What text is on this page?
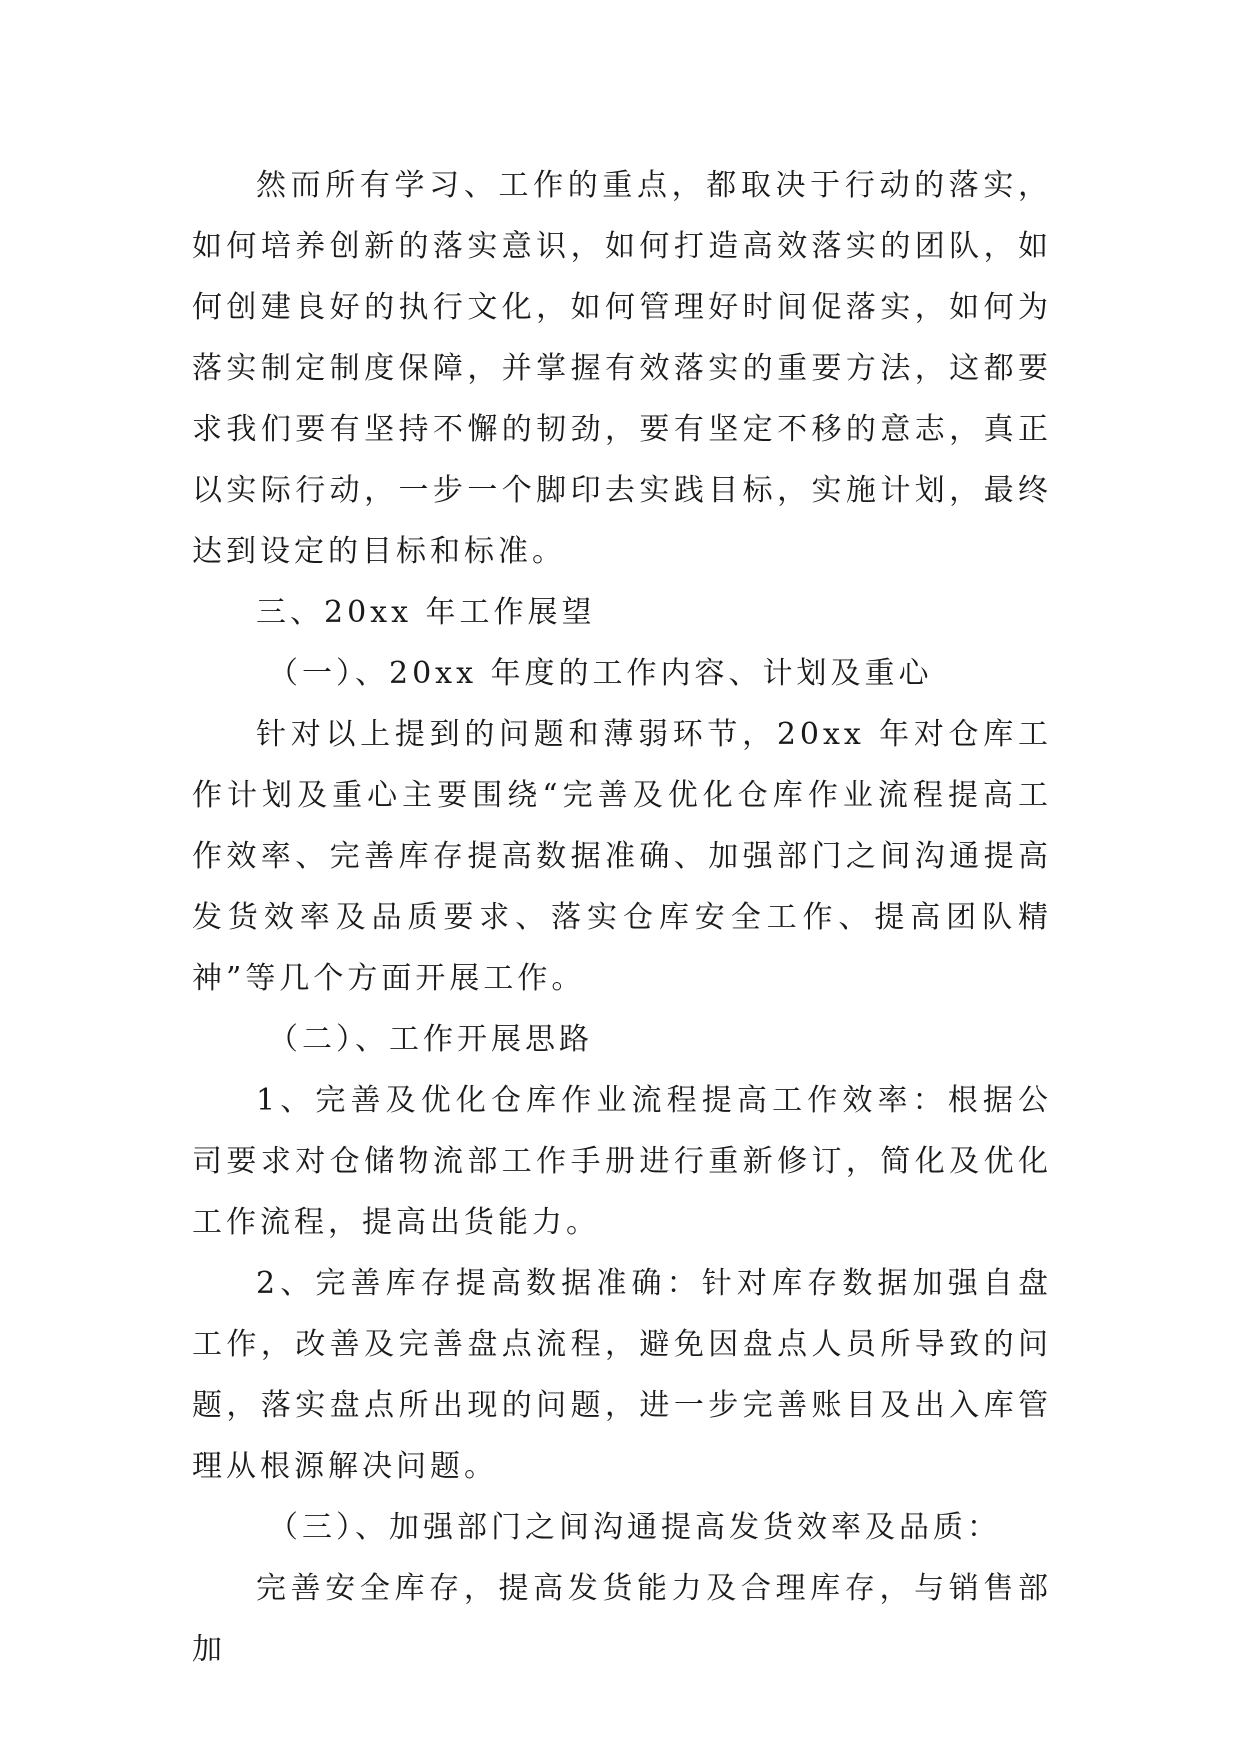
然而所有学习、工作的重点，都取决于行动的落实，如何培养创新的落实意识，如何打造高效落实的团队，如何创建良好的执行文化，如何管理好时间促落实，如何为落实制定制度保障，并掌握有效落实的重要方法，这都要求我们要有坚持不懈的韧劲，要有坚定不移的意志，真正以实际行动，一步一个脚印去实践目标，实施计划，最终达到设定的目标和标准。

三、20xx 年工作展望

（一）、20xx 年度的工作内容、计划及重心

针对以上提到的问题和薄弱环节，20xx 年对仓库工作计划及重心主要围绕“完善及优化仓库作业流程提高工作效率、完善库存提高数据准确、加强部门之间沟通提高发货效率及品质要求、落实仓库安全工作、提高团队精神”等几个方面开展工作。

（二）、工作开展思路

1、完善及优化仓库作业流程提高工作效率：根据公司要求对仓储物流部工作手册进行重新修订，简化及优化工作流程，提高出货能力。

2、完善库存提高数据准确：针对库存数据加强自盘工作，改善及完善盘点流程，避免因盘点人员所导致的问题，落实盘点所出现的问题，进一步完善账目及出入库管理从根源解决问题。

（三）、加强部门之间沟通提高发货效率及品质：

完善安全库存，提高发货能力及合理库存，与销售部加
